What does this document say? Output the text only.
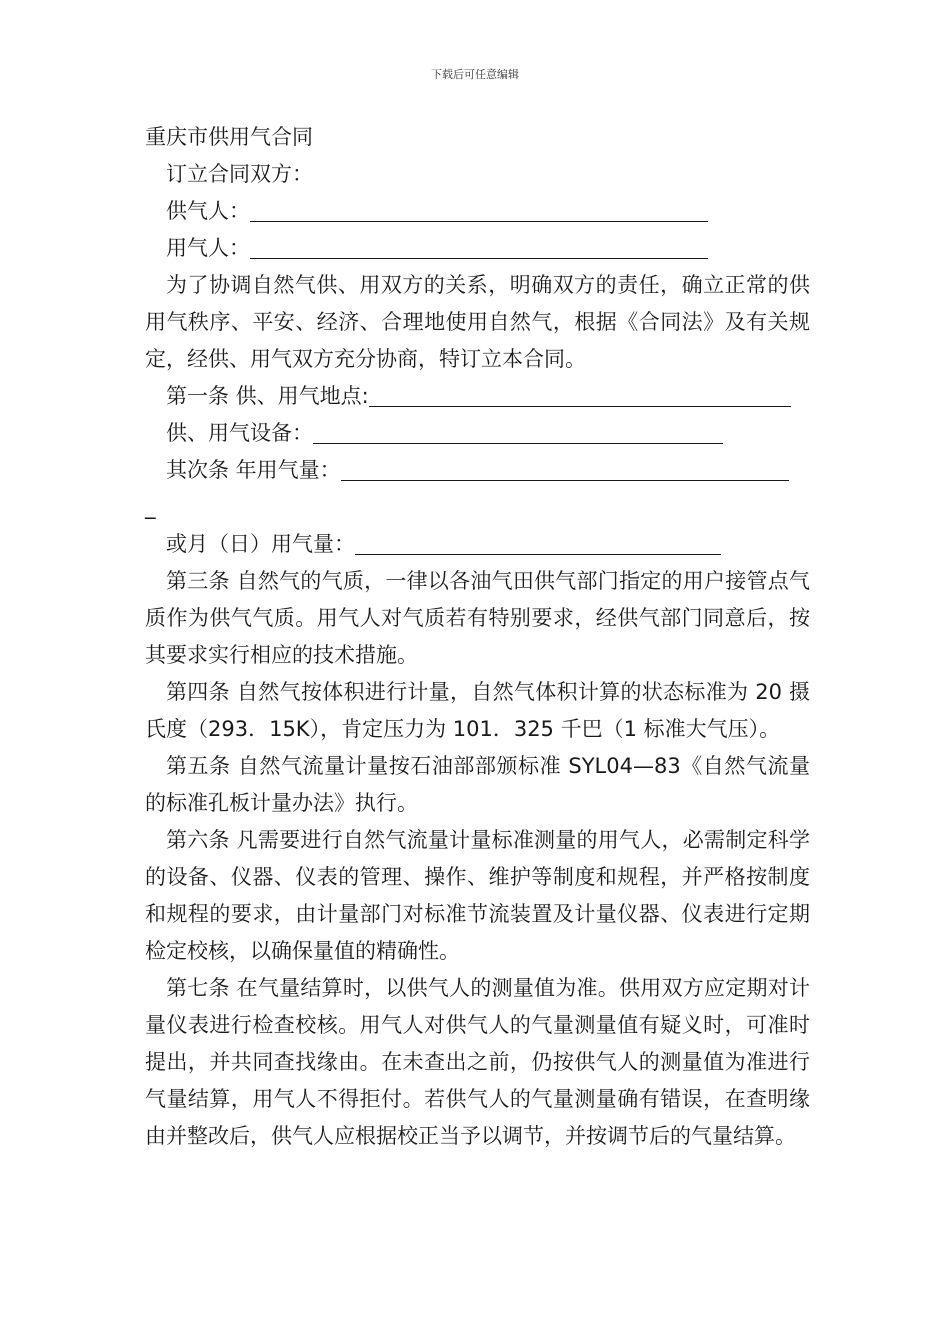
下载后可任意编辑

重庆市供用气合同

订立合同双方：

供气人：

用气人：

为了协调自然气供、用双方的关系，明确双方的责任，确立正常的供用气秩序、平安、经济、合理地使用自然气，根据《合同法》及有关规定，经供、用气双方充分协商，特订立本合同。

第一条 供、用气地点:

供、用气设备：

其次条 年用气量：

_

或月（日）用气量：

第三条 自然气的气质，一律以各油气田供气部门指定的用户接管点气质作为供气气质。用气人对气质若有特别要求，经供气部门同意后，按其要求实行相应的技术措施。

第四条 自然气按体积进行计量，自然气体积计算的状态标准为 20 摄氏度（293．15K），肯定压力为 101．325 千巴（1 标准大气压）。

第五条 自然气流量计量按石油部部颁标准 SYL04—83《自然气流量的标准孔板计量办法》执行。

第六条 凡需要进行自然气流量计量标准测量的用气人，必需制定科学的设备、仪器、仪表的管理、操作、维护等制度和规程，并严格按制度和规程的要求，由计量部门对标准节流装置及计量仪器、仪表进行定期检定校核，以确保量值的精确性。

第七条 在气量结算时，以供气人的测量值为准。供用双方应定期对计量仪表进行检查校核。用气人对供气人的气量测量值有疑义时，可准时提出，并共同查找缘由。在未查出之前，仍按供气人的测量值为准进行气量结算，用气人不得拒付。若供气人的气量测量确有错误，在查明缘由并整改后，供气人应根据校正当予以调节，并按调节后的气量结算。
